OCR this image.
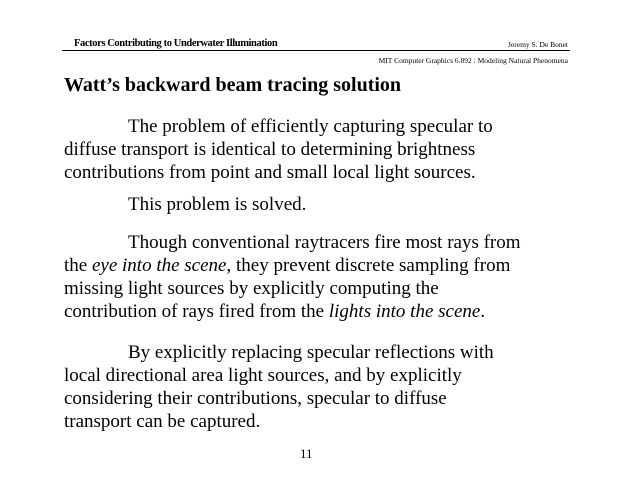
Factors Contributing to Underwater Illumination	Jeremy S. De Bonet
MIT Computer Graphics 6.892 : Modeling Natural Phenomena
Watt’s backward beam tracing solution
The problem of efficiently capturing specular to
diffuse transport is identical to determining brightness
contributions from point and small local light sources.
This problem is solved.
Though conventional raytracers fire most rays from
the eye into the scene, they prevent discrete sampling from
missing light sources by explicitly computing the
contribution of rays fired from the lights into the scene.
By explicitly replacing specular reflections with
local directional area light sources, and by explicitly
considering their contributions, specular to diffuse
transport can be captured.
11
